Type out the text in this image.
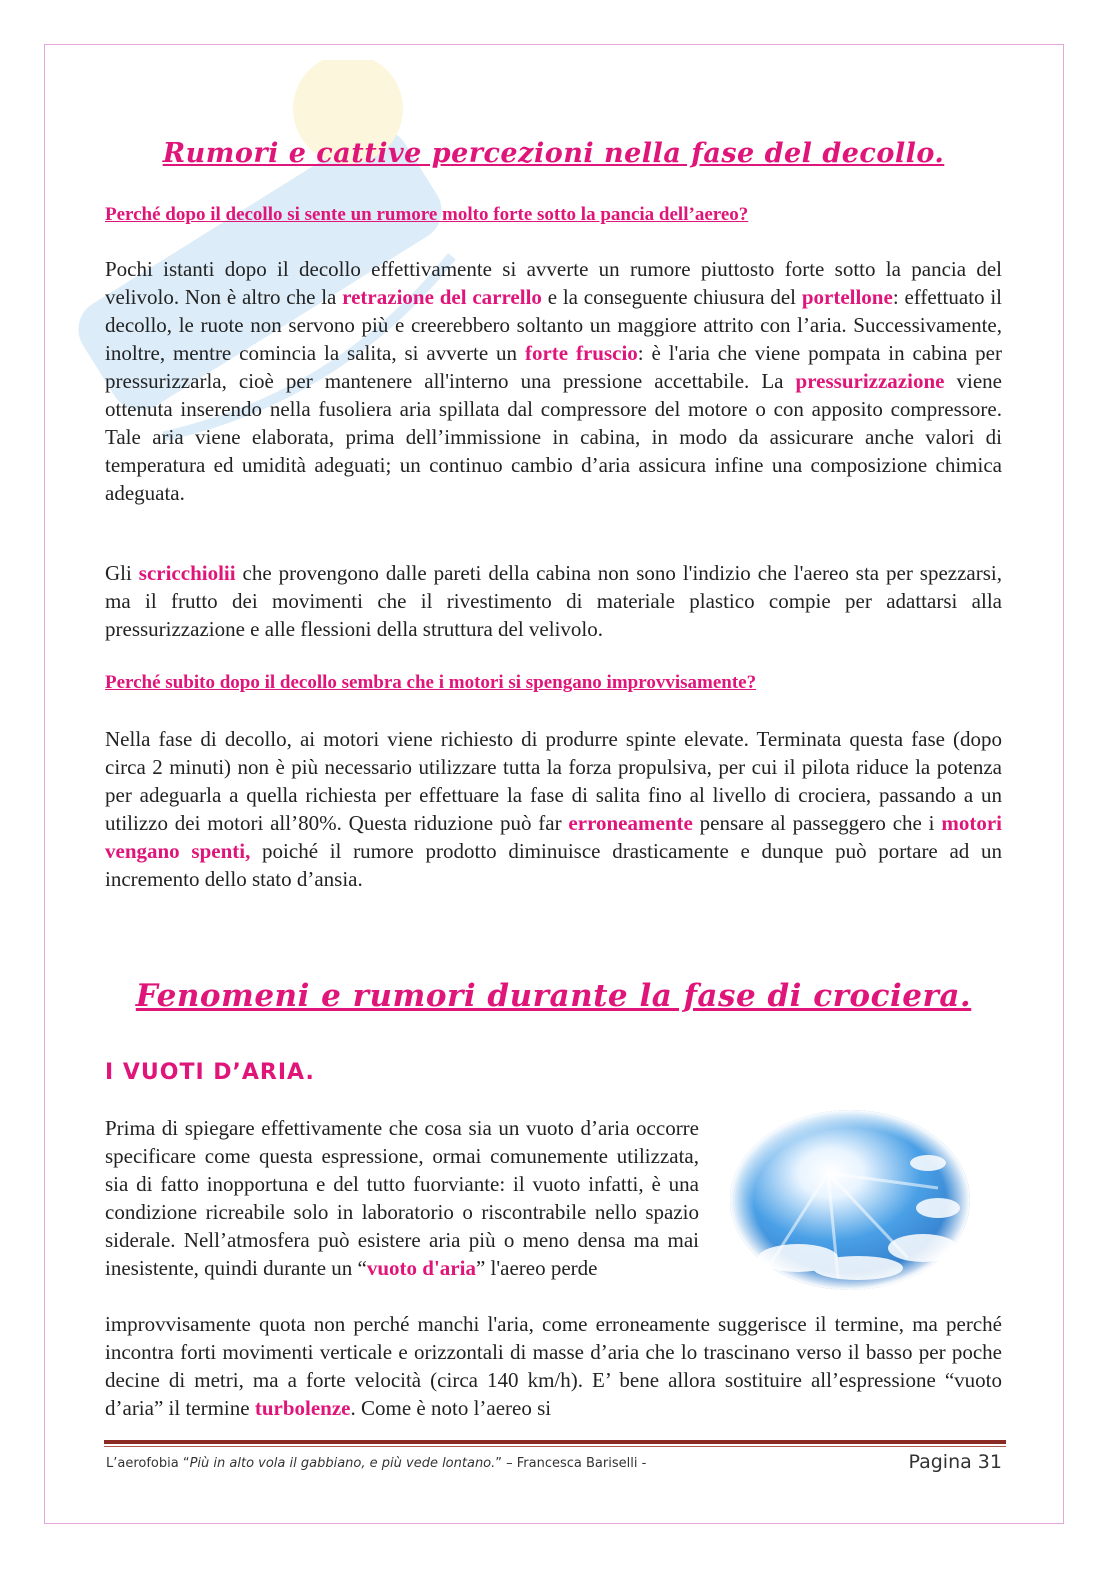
Rumori e cattive percezioni nella fase del decollo.

Perché dopo il decollo si sente un rumore molto forte sotto la pancia dell’aereo?

Pochi istanti dopo il decollo effettivamente si avverte un rumore piuttosto forte sotto la pancia del velivolo. Non è altro che la retrazione del carrello e la conseguente chiusura del portellone: effettuato il decollo, le ruote non servono più e creerebbero soltanto un maggiore attrito con l’aria. Successivamente, inoltre, mentre comincia la salita, si avverte un forte fruscio: è l'aria che viene pompata in cabina per pressurizzarla, cioè per mantenere all'interno una pressione accettabile. La pressurizzazione viene ottenuta inserendo nella fusoliera aria spillata dal compressore del motore o con apposito compressore. Tale aria viene elaborata, prima dell’immissione in cabina, in modo da assicurare anche valori di temperatura ed umidità adeguati; un continuo cambio d’aria assicura infine una composizione chimica adeguata.

Gli scricchiolii che provengono dalle pareti della cabina non sono l'indizio che l'aereo sta per spezzarsi, ma il frutto dei movimenti che il rivestimento di materiale plastico compie per adattarsi alla pressurizzazione e alle flessioni della struttura del velivolo.

Perché subito dopo il decollo sembra che i motori si spengano improvvisamente?

Nella fase di decollo, ai motori viene richiesto di produrre spinte elevate. Terminata questa fase (dopo circa 2 minuti) non è più necessario utilizzare tutta la forza propulsiva, per cui il pilota riduce la potenza per adeguarla a quella richiesta per effettuare la fase di salita fino al livello di crociera, passando a un utilizzo dei motori all’80%. Questa riduzione può far erroneamente pensare al passeggero che i motori vengano spenti, poiché il rumore prodotto diminuisce drasticamente e dunque può portare ad un incremento dello stato d’ansia.

Fenomeni e rumori durante la fase di crociera.
I VUOTI D’ARIA.

Prima di spiegare effettivamente che cosa sia un vuoto d’aria occorre specificare come questa espressione, ormai comunemente utilizzata, sia di fatto inopportuna e del tutto fuorviante: il vuoto infatti, è una condizione ricreabile solo in laboratorio o riscontrabile nello spazio siderale. Nell’atmosfera può esistere aria più o meno densa ma mai inesistente, quindi durante un “vuoto d'aria” l'aereo perde

improvvisamente quota non perché manchi l'aria, come erroneamente suggerisce il termine, ma perché incontra forti movimenti verticale e orizzontali di masse d’aria che lo trascinano verso il basso per poche decine di metri, ma a forte velocità (circa 140 km/h). E’ bene allora sostituire all’espressione “vuoto d’aria” il termine turbolenze. Come è noto l’aereo si

L’aerofobia “Più in alto vola il gabbiano, e più vede lontano.” – Francesca Bariselli -	Pagina 31
